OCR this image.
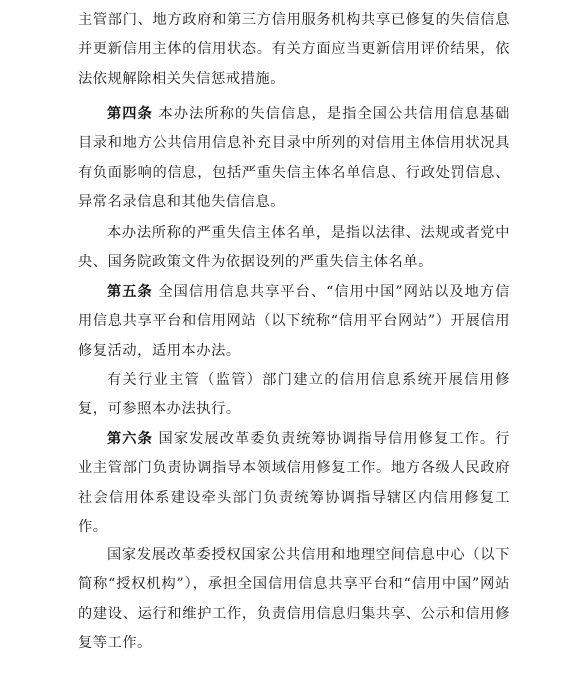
主管部门、地方政府和第三方信用服务机构共享已修复的失信信息并更新信用主体的信用状态。有关方面应当更新信用评价结果，依法依规解除相关失信惩戒措施。

第四条 本办法所称的失信信息，是指全国公共信用信息基础目录和地方公共信用信息补充目录中所列的对信用主体信用状况具有负面影响的信息，包括严重失信主体名单信息、行政处罚信息、异常名录信息和其他失信信息。

本办法所称的严重失信主体名单，是指以法律、法规或者党中央、国务院政策文件为依据设列的严重失信主体名单。

第五条 全国信用信息共享平台、“信用中国”网站以及地方信用信息共享平台和信用网站（以下统称“信用平台网站”）开展信用修复活动，适用本办法。

有关行业主管（监管）部门建立的信用信息系统开展信用修复，可参照本办法执行。

第六条 国家发展改革委负责统筹协调指导信用修复工作。行业主管部门负责协调指导本领域信用修复工作。地方各级人民政府社会信用体系建设牵头部门负责统筹协调指导辖区内信用修复工作。

国家发展改革委授权国家公共信用和地理空间信息中心（以下简称“授权机构”），承担全国信用信息共享平台和“信用中国”网站的建设、运行和维护工作，负责信用信息归集共享、公示和信用修复等工作。
